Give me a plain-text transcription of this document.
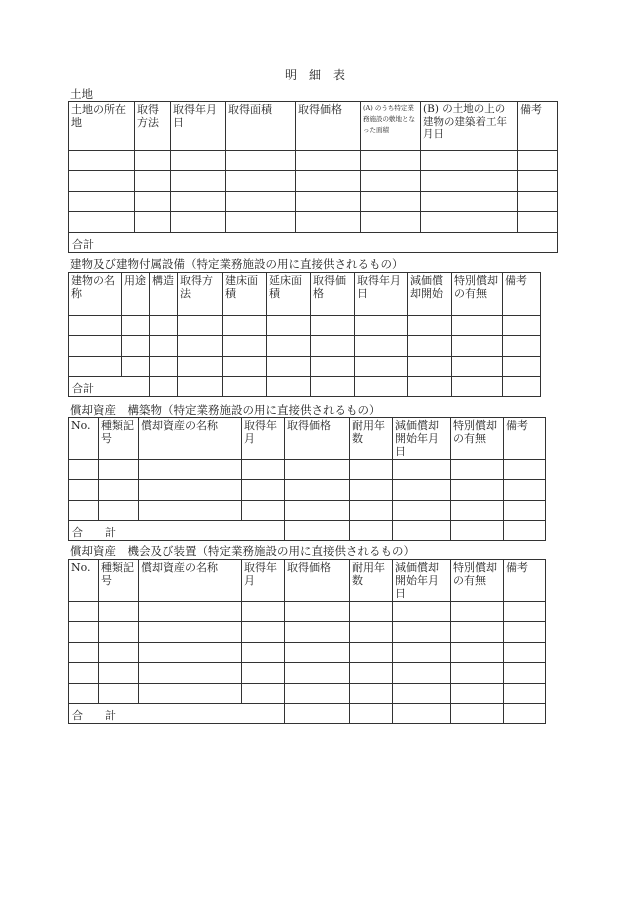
明　細　表
土地
土地の所在地	取得方法	取得年月日	取得面積	取得価格	(A) のうち特定業務施設の敷地となった面積	(B) の土地の上の建物の建築着工年月日	備考

合計							
建物及び建物付属設備（特定業務施設の用に直接供されるもの）
建物の名称	用途	構造	取得方法	建床面積	延床面積	取得価格	取得年月日	減価償却開始	特別償却の有無	備考

合計										
償却資産　構築物（特定業務施設の用に直接供されるもの）
No.	種類記号	償却資産の名称	取得年月	取得価格	耐用年数	減価償却開始年月日	特別償却の有無	備考

合　　計								
償却資産　機会及び装置（特定業務施設の用に直接供されるもの）
No.	種類記号	償却資産の名称	取得年月	取得価格	耐用年数	減価償却開始年月日	特別償却の有無	備考

合　　計								
